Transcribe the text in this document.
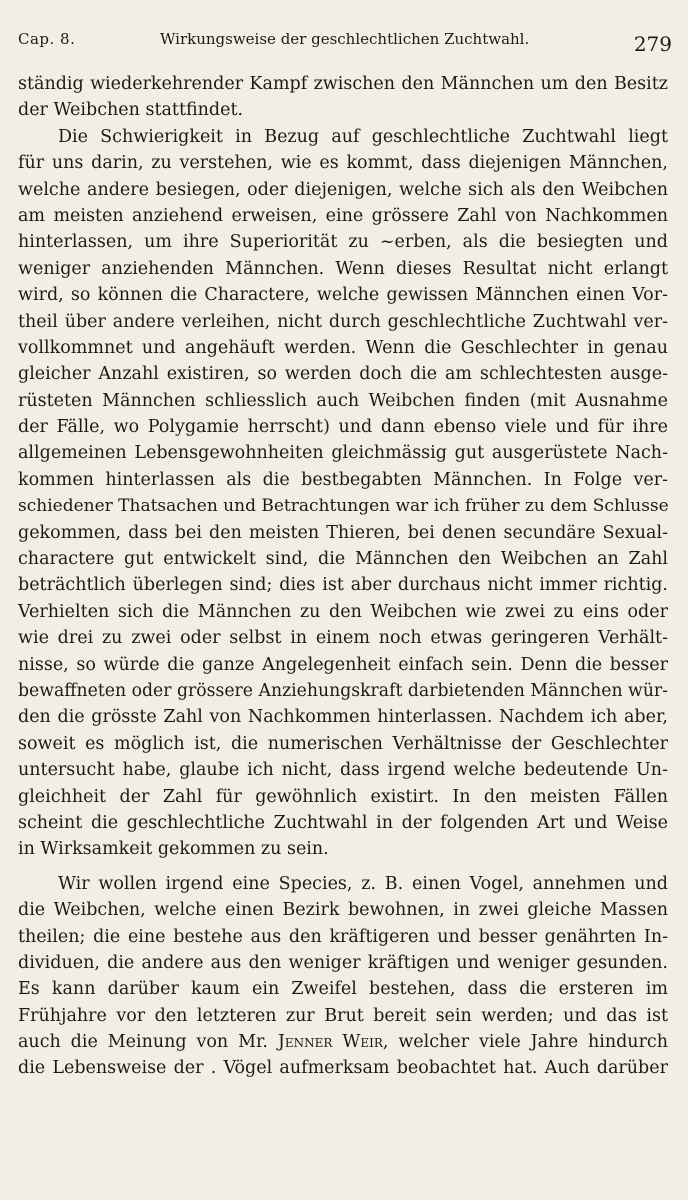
Cap. 8.	Wirkungsweise der geschlechtlichen Zuchtwahl.	279
ständig wiederkehrender Kampf zwischen den Männchen um den Besitz
der Weibchen stattfindet.
Die Schwierigkeit in Bezug auf geschlechtliche Zuchtwahl liegt
für uns darin, zu verstehen, wie es kommt, dass diejenigen Männchen,
welche andere besiegen, oder diejenigen, welche sich als den Weibchen
am meisten anziehend erweisen, eine grössere Zahl von Nachkommen
hinterlassen, um ihre Superiorität zu ~erben, als die besiegten und
weniger anziehenden Männchen. Wenn dieses Resultat nicht erlangt
wird, so können die Charactere, welche gewissen Männchen einen Vor-
theil über andere verleihen, nicht durch geschlechtliche Zuchtwahl ver-
vollkommnet und angehäuft werden. Wenn die Geschlechter in genau
gleicher Anzahl existiren, so werden doch die am schlechtesten ausge-
rüsteten Männchen schliesslich auch Weibchen finden (mit Ausnahme
der Fälle, wo Polygamie herrscht) und dann ebenso viele und für ihre
allgemeinen Lebensgewohnheiten gleichmässig gut ausgerüstete Nach-
kommen hinterlassen als die bestbegabten Männchen. In Folge ver-
schiedener Thatsachen und Betrachtungen war ich früher zu dem Schlusse
gekommen, dass bei den meisten Thieren, bei denen secundäre Sexual-
charactere gut entwickelt sind, die Männchen den Weibchen an Zahl
beträchtlich überlegen sind; dies ist aber durchaus nicht immer richtig.
Verhielten sich die Männchen zu den Weibchen wie zwei zu eins oder
wie drei zu zwei oder selbst in einem noch etwas geringeren Verhält-
nisse, so würde die ganze Angelegenheit einfach sein. Denn die besser
bewaffneten oder grössere Anziehungskraft darbietenden Männchen wür-
den die grösste Zahl von Nachkommen hinterlassen. Nachdem ich aber,
soweit es möglich ist, die numerischen Verhältnisse der Geschlechter
untersucht habe, glaube ich nicht, dass irgend welche bedeutende Un-
gleichheit der Zahl für gewöhnlich existirt. In den meisten Fällen
scheint die geschlechtliche Zuchtwahl in der folgenden Art und Weise
in Wirksamkeit gekommen zu sein.
Wir wollen irgend eine Species, z. B. einen Vogel, annehmen und
die Weibchen, welche einen Bezirk bewohnen, in zwei gleiche Massen
theilen; die eine bestehe aus den kräftigeren und besser genährten In-
dividuen, die andere aus den weniger kräftigen und weniger gesunden.
Es kann darüber kaum ein Zweifel bestehen, dass die ersteren im
Frühjahre vor den letzteren zur Brut bereit sein werden; und das ist
auch die Meinung von Mr. Jenner Weir, welcher viele Jahre hindurch
die Lebensweise der . Vögel aufmerksam beobachtet hat. Auch darüber
